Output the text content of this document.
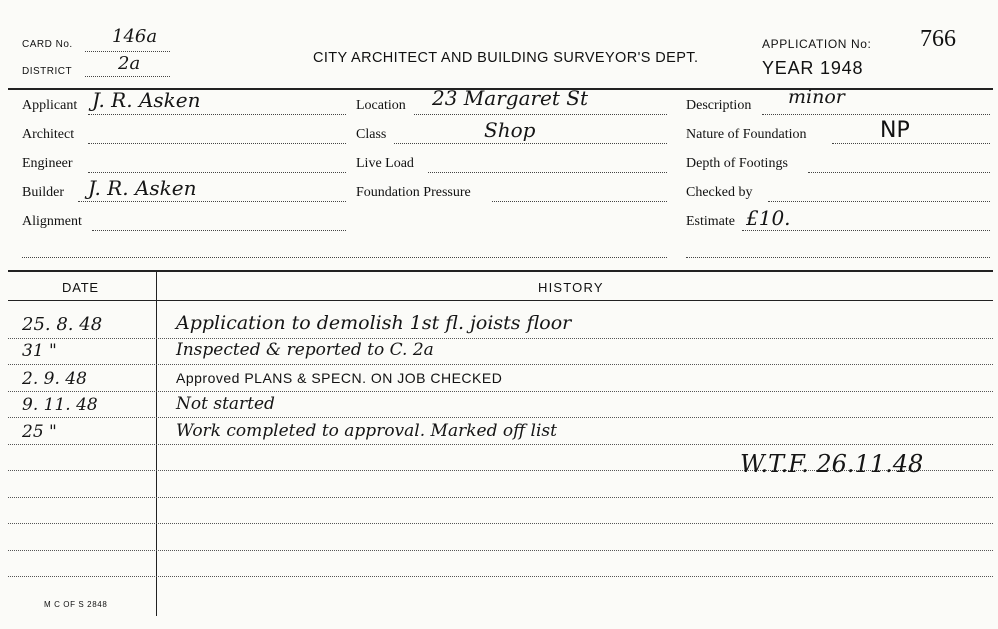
CARD No. 146a
DISTRICT	2a	CITY ARCHITECT AND BUILDING SURVEYOR'S DEPT.
APPLICATION No: 766
YEAR 1948
Applicant J. R. Asken
Architect
Engineer
Builder J. R. Asken
Alignment
Location 23 Margaret St
Class	Shop
Live Load
Foundation Pressure
Description minor
Nature of Foundation	NP
Depth of Footings
Checked by
Estimate £10.
DATE	HISTORY
25. 8. 48	Application to demolish 1st fl. joists floor
31 "	Inspected & reported to C. 2a
2. 9. 48	Approved PLANS & SPECN. ON JOB CHECKED
9. 11. 48	Not started
25 "	Work completed to approval. Marked off list
W.T.F. 26.11.48
M C OF S 2848
